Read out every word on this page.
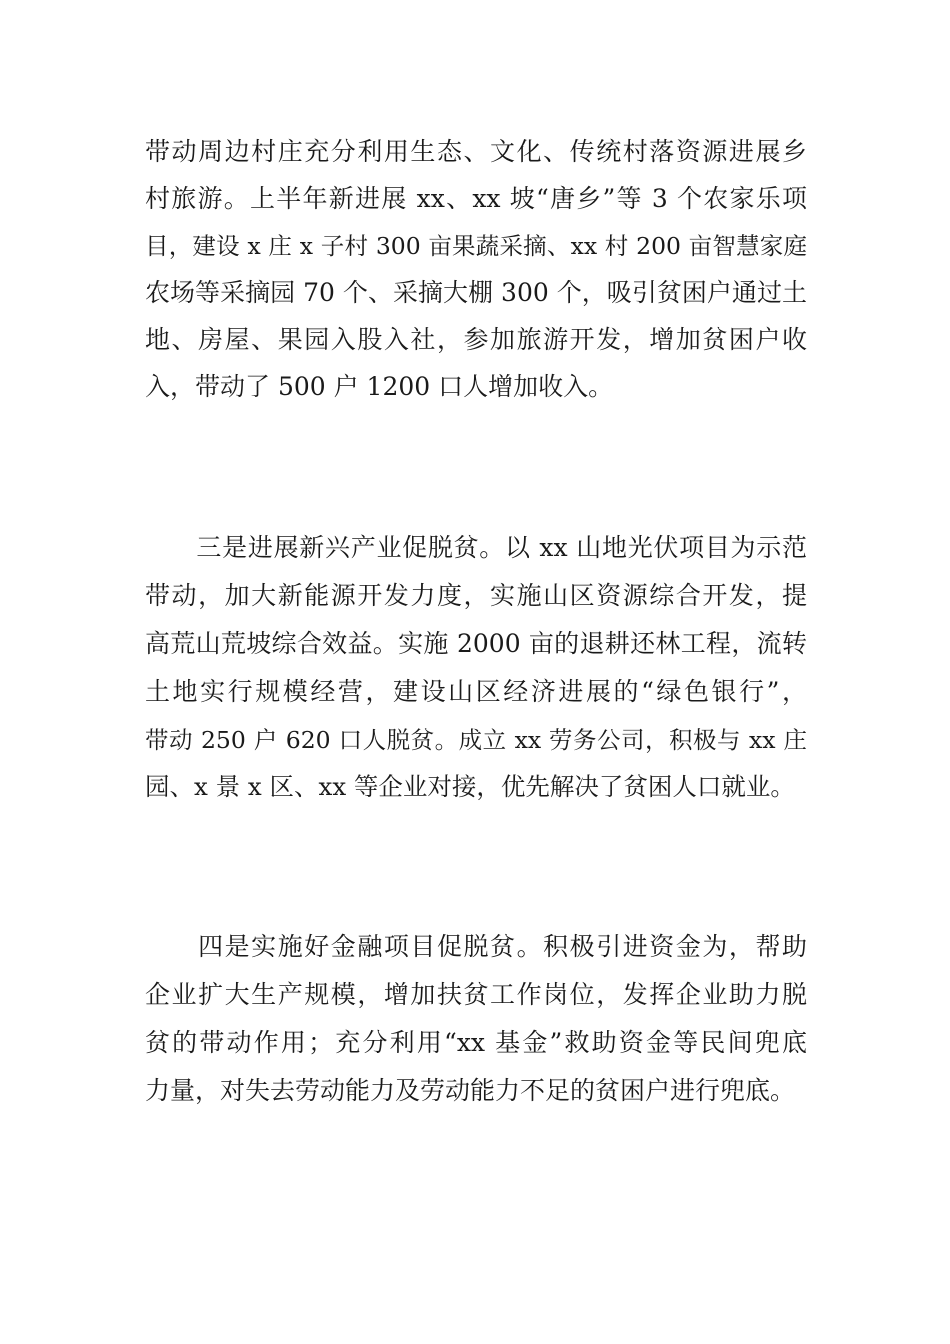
带动周边村庄充分利用生态、文化、传统村落资源进展乡
村旅游。上半年新进展 xx、xx 坡“唐乡”等 3 个农家乐项
目，建设 x 庄 x 子村 300 亩果蔬采摘、xx 村 200 亩智慧家庭
农场等采摘园 70 个、采摘大棚 300 个，吸引贫困户通过土
地、房屋、果园入股入社，参加旅游开发，增加贫困户收
入，带动了 500 户 1200 口人增加收入。
　　三是进展新兴产业促脱贫。以 xx 山地光伏项目为示范
带动，加大新能源开发力度，实施山区资源综合开发，提
高荒山荒坡综合效益。实施 2000 亩的退耕还林工程，流转
土地实行规模经营，建设山区经济进展的“绿色银行”，
带动 250 户 620 口人脱贫。成立 xx 劳务公司，积极与 xx 庄
园、x 景 x 区、xx 等企业对接，优先解决了贫困人口就业。
　　四是实施好金融项目促脱贫。积极引进资金为，帮助
企业扩大生产规模，增加扶贫工作岗位，发挥企业助力脱
贫的带动作用；充分利用“xx 基金”救助资金等民间兜底
力量，对失去劳动能力及劳动能力不足的贫困户进行兜底。
